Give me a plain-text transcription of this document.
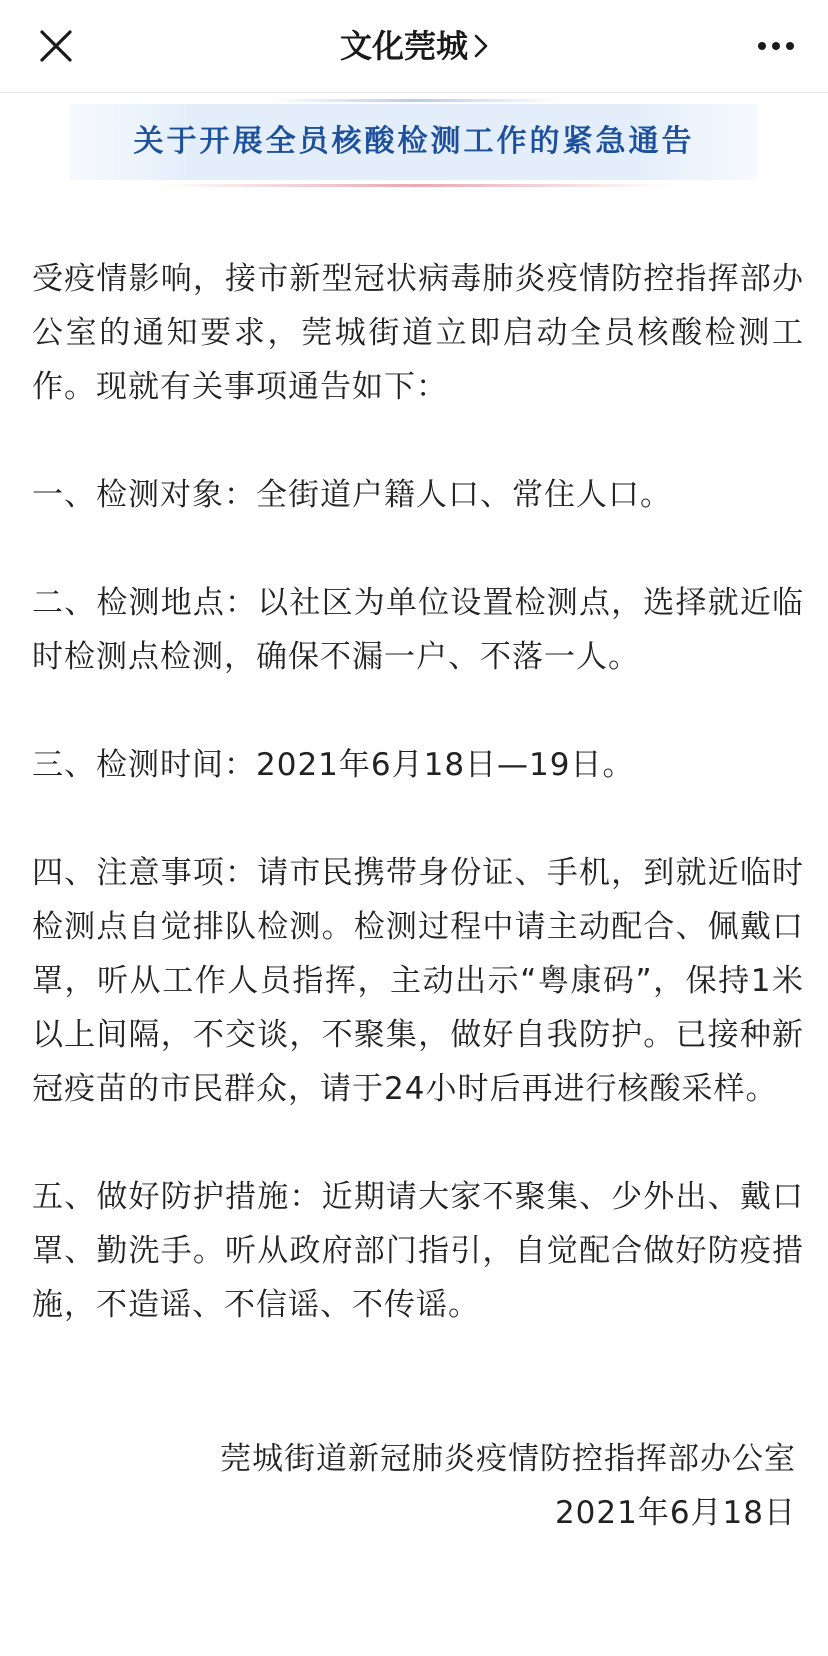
文化莞城
关于开展全员核酸检测工作的紧急通告

受疫情影响，接市新型冠状病毒肺炎疫情防控指挥部办公室的通知要求，莞城街道立即启动全员核酸检测工作。现就有关事项通告如下：

一、检测对象：全街道户籍人口、常住人口。

二、检测地点：以社区为单位设置检测点，选择就近临时检测点检测，确保不漏一户、不落一人。

三、检测时间：2021年6月18日—19日。

四、注意事项：请市民携带身份证、手机，到就近临时检测点自觉排队检测。检测过程中请主动配合、佩戴口罩，听从工作人员指挥，主动出示“粤康码”，保持1米以上间隔，不交谈，不聚集，做好自我防护。已接种新冠疫苗的市民群众，请于24小时后再进行核酸采样。

五、做好防护措施：近期请大家不聚集、少外出、戴口罩、勤洗手。听从政府部门指引，自觉配合做好防疫措施，不造谣、不信谣、不传谣。

莞城街道新冠肺炎疫情防控指挥部办公室
2021年6月18日
